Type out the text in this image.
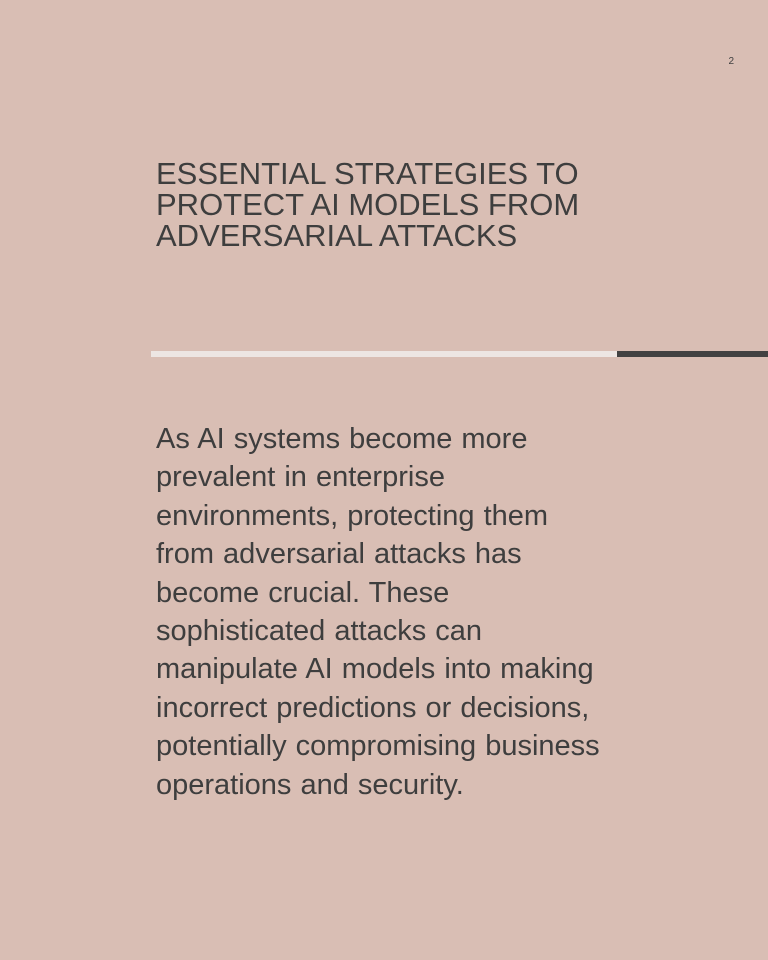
2
ESSENTIAL STRATEGIES TO PROTECT AI MODELS FROM ADVERSARIAL ATTACKS

As AI systems become more prevalent in enterprise environments, protecting them from adversarial attacks has become crucial. These sophisticated attacks can manipulate AI models into making incorrect predictions or decisions, potentially compromising business operations and security.
